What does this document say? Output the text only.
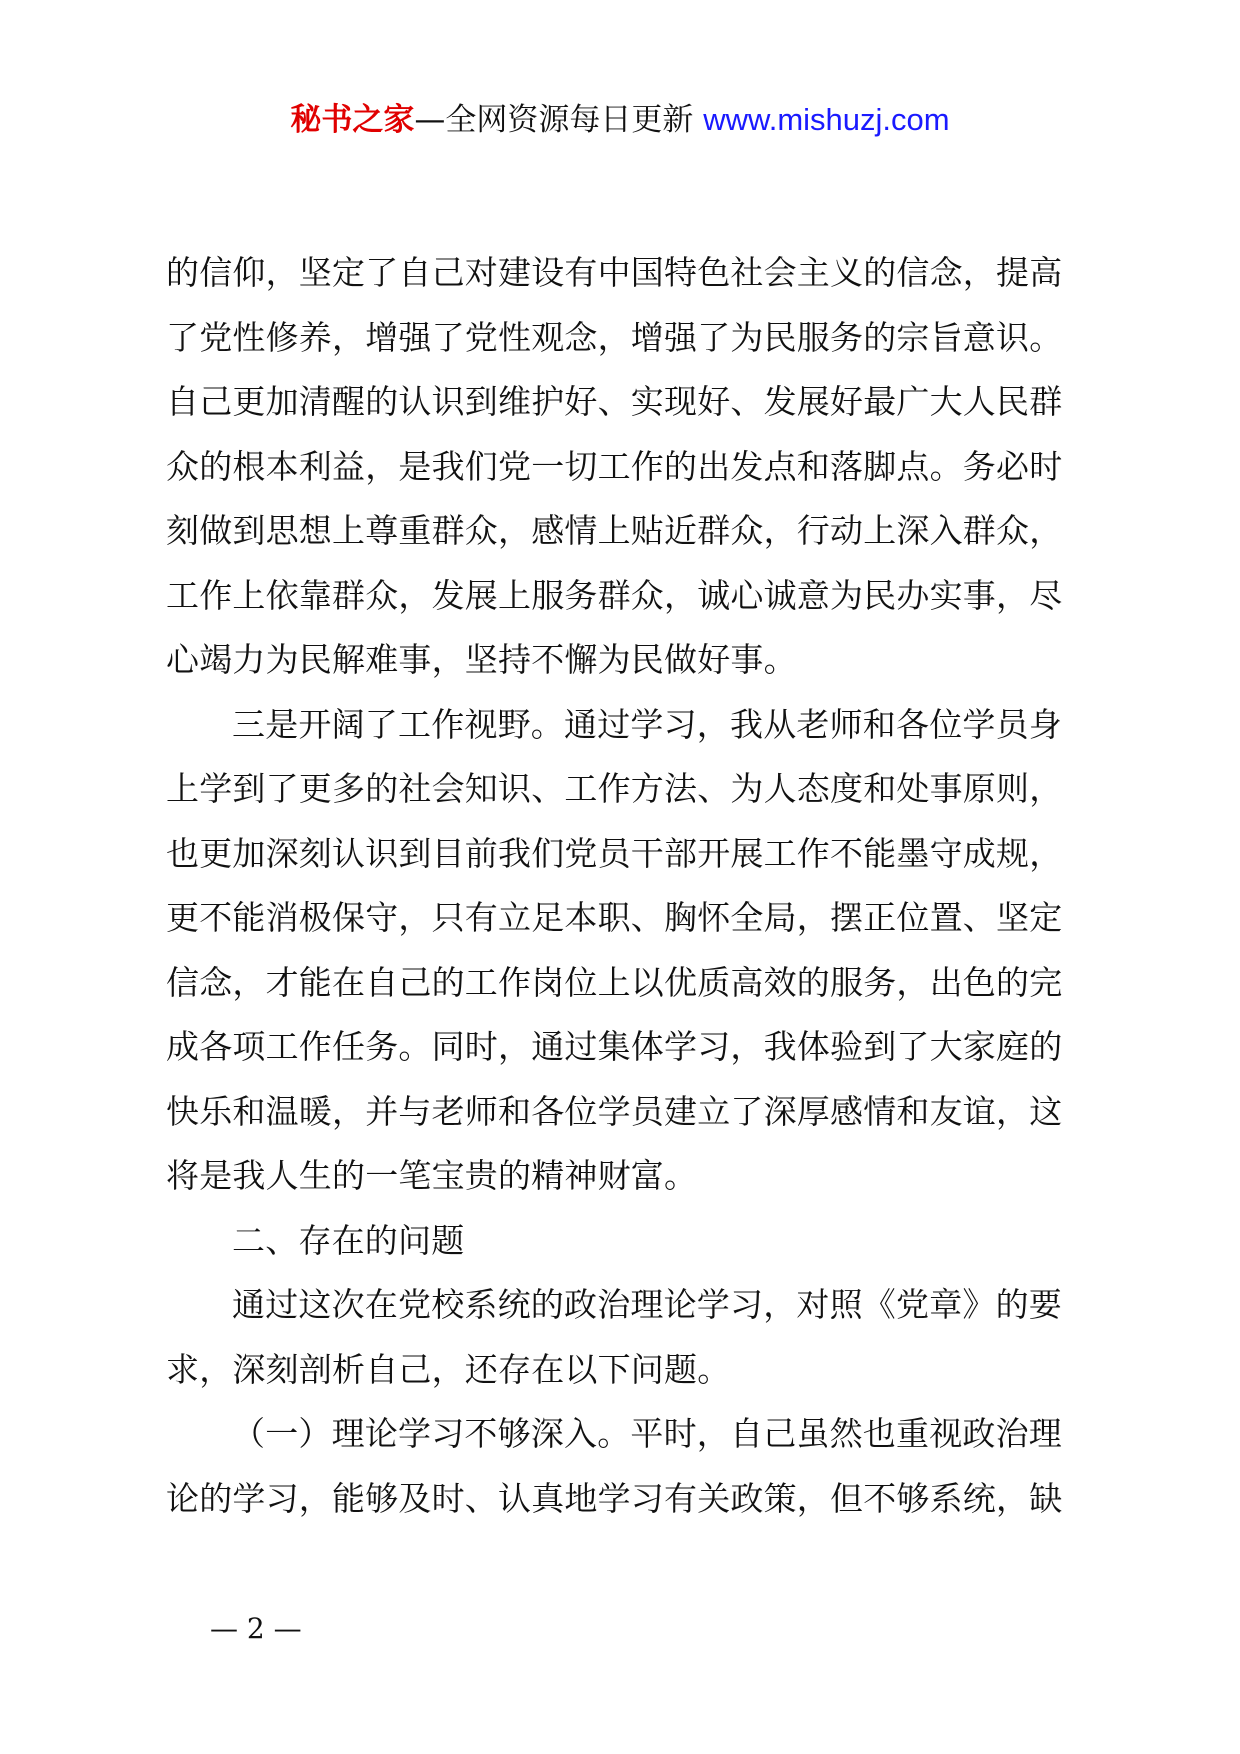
秘书之家—全网资源每日更新 www.mishuzj.com
的信仰，坚定了自己对建设有中国特色社会主义的信念，提高
了党性修养，增强了党性观念，增强了为民服务的宗旨意识。
自己更加清醒的认识到维护好、实现好、发展好最广大人民群
众的根本利益，是我们党一切工作的出发点和落脚点。务必时
刻做到思想上尊重群众，感情上贴近群众，行动上深入群众，
工作上依靠群众，发展上服务群众，诚心诚意为民办实事，尽
心竭力为民解难事，坚持不懈为民做好事。
三是开阔了工作视野。通过学习，我从老师和各位学员身
上学到了更多的社会知识、工作方法、为人态度和处事原则，
也更加深刻认识到目前我们党员干部开展工作不能墨守成规，
更不能消极保守，只有立足本职、胸怀全局，摆正位置、坚定
信念，才能在自己的工作岗位上以优质高效的服务，出色的完
成各项工作任务。同时，通过集体学习，我体验到了大家庭的
快乐和温暖，并与老师和各位学员建立了深厚感情和友谊，这
将是我人生的一笔宝贵的精神财富。
二、存在的问题
通过这次在党校系统的政治理论学习，对照《党章》的要
求，深刻剖析自己，还存在以下问题。
（一）理论学习不够深入。平时，自己虽然也重视政治理
论的学习，能够及时、认真地学习有关政策，但不够系统，缺
— 2 —
